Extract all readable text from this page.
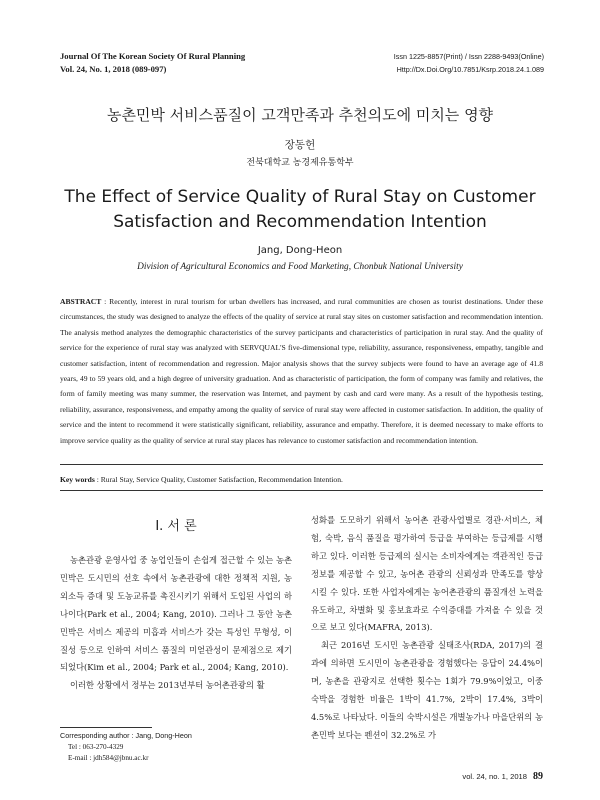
Journal Of The Korean Society Of Rural Planning
Vol. 24, No. 1, 2018 (089-097)
Issn 1225-8857(Print) / Issn 2288-9493(Online)
Http://Dx.Doi.Org/10.7851/Ksrp.2018.24.1.089
농촌민박 서비스품질이 고객만족과 추천의도에 미치는 영향
장동헌
전북대학교 농경제유통학부
The Effect of Service Quality of Rural Stay on Customer
Satisfaction and Recommendation Intention
Jang, Dong-Heon
Division of Agricultural Economics and Food Marketing, Chonbuk National University
ABSTRACT : Recently, interest in rural tourism for urban dwellers has increased, and rural communities are chosen as tourist destinations. Under these circumstances, the study was designed to analyze the effects of the quality of service at rural stay sites on customer satisfaction and recommendation intention. The analysis method analyzes the demographic characteristics of the survey participants and characteristics of participation in rural stay. And the quality of service for the experience of rural stay was analyzed with SERVQUAL'S five-dimensional type, reliability, assurance, responsiveness, empathy, tangible and customer satisfaction, intent of recommendation and regression. Major analysis shows that the survey subjects were found to have an average age of 41.8 years, 49 to 59 years old, and a high degree of university graduation. And as characteristic of participation, the form of company was family and relatives, the form of family meeting was many summer, the reservation was Internet, and payment by cash and card were many. As a result of the hypothesis testing, reliability, assurance, responsiveness, and empathy among the quality of service of rural stay were affected in customer satisfaction. In addition, the quality of service and the intent to recommend it were statistically significant, reliability, assurance and empathy. Therefore, it is deemed necessary to make efforts to improve service quality as the quality of service at rural stay places has relevance to customer satisfaction and recommendation intention.
Key words : Rural Stay, Service Quality, Customer Satisfaction, Recommendation Intention.
Ⅰ. 서 론

농촌관광 운영사업 중 농업인들이 손쉽게 접근할 수 있는 농촌민박은 도시민의 선호 속에서 농촌관광에 대한 정책적 지원, 농외소득 증대 및 도농교류를 촉진시키기 위해서 도입된 사업의 하나이다(Park et al., 2004; Kang, 2010). 그러나 그 동안 농촌민박은 서비스 제공의 미흡과 서비스가 갖는 특성인 무형성, 이질성 등으로 인하여 서비스 품질의 미얻관성이 문제점으로 제기되었다(Kim et al., 2004; Park et al., 2004; Kang, 2010).

이러한 상황에서 정부는 2013년부터 농어촌관광의 활

성화를 도모하기 위해서 농어촌 관광사업별로 경관·서비스, 체험, 숙박, 음식 품질을 평가하여 등급을 부여하는 등급제를 시행하고 있다. 이러한 등급제의 실시는 소비자에게는 객관적인 등급정보를 제공할 수 있고, 농어촌 관광의 신뢰성과 만족도를 향상시킬 수 있다. 또한 사업자에게는 농어촌관광의 품질개선 노력을 유도하고, 차별화 및 홍보효과로 수익증대를 가져올 수 있을 것으로 보고 있다(MAFRA, 2013).

최근 2016년 도시민 농촌관광 실태조사(RDA, 2017)의 결과에 의하면 도시민이 농촌관광을 경험했다는 응답이 24.4%이며, 농촌을 관광지로 선택한 횟수는 1회가 79.9%이었고, 이중 숙박을 경험한 비율은 1박이 41.7%, 2박이 17.4%, 3박이 4.5%로 나타났다. 이들의 숙박시설은 개별농가나 마을단위의 농촌민박 보다는 펜션이 32.2%로 가

Corresponding author : Jang, Dong-Heon
Tel : 063-270-4329
E-mail : jdh584@jbnu.ac.kr
vol. 24, no. 1, 2018 89
